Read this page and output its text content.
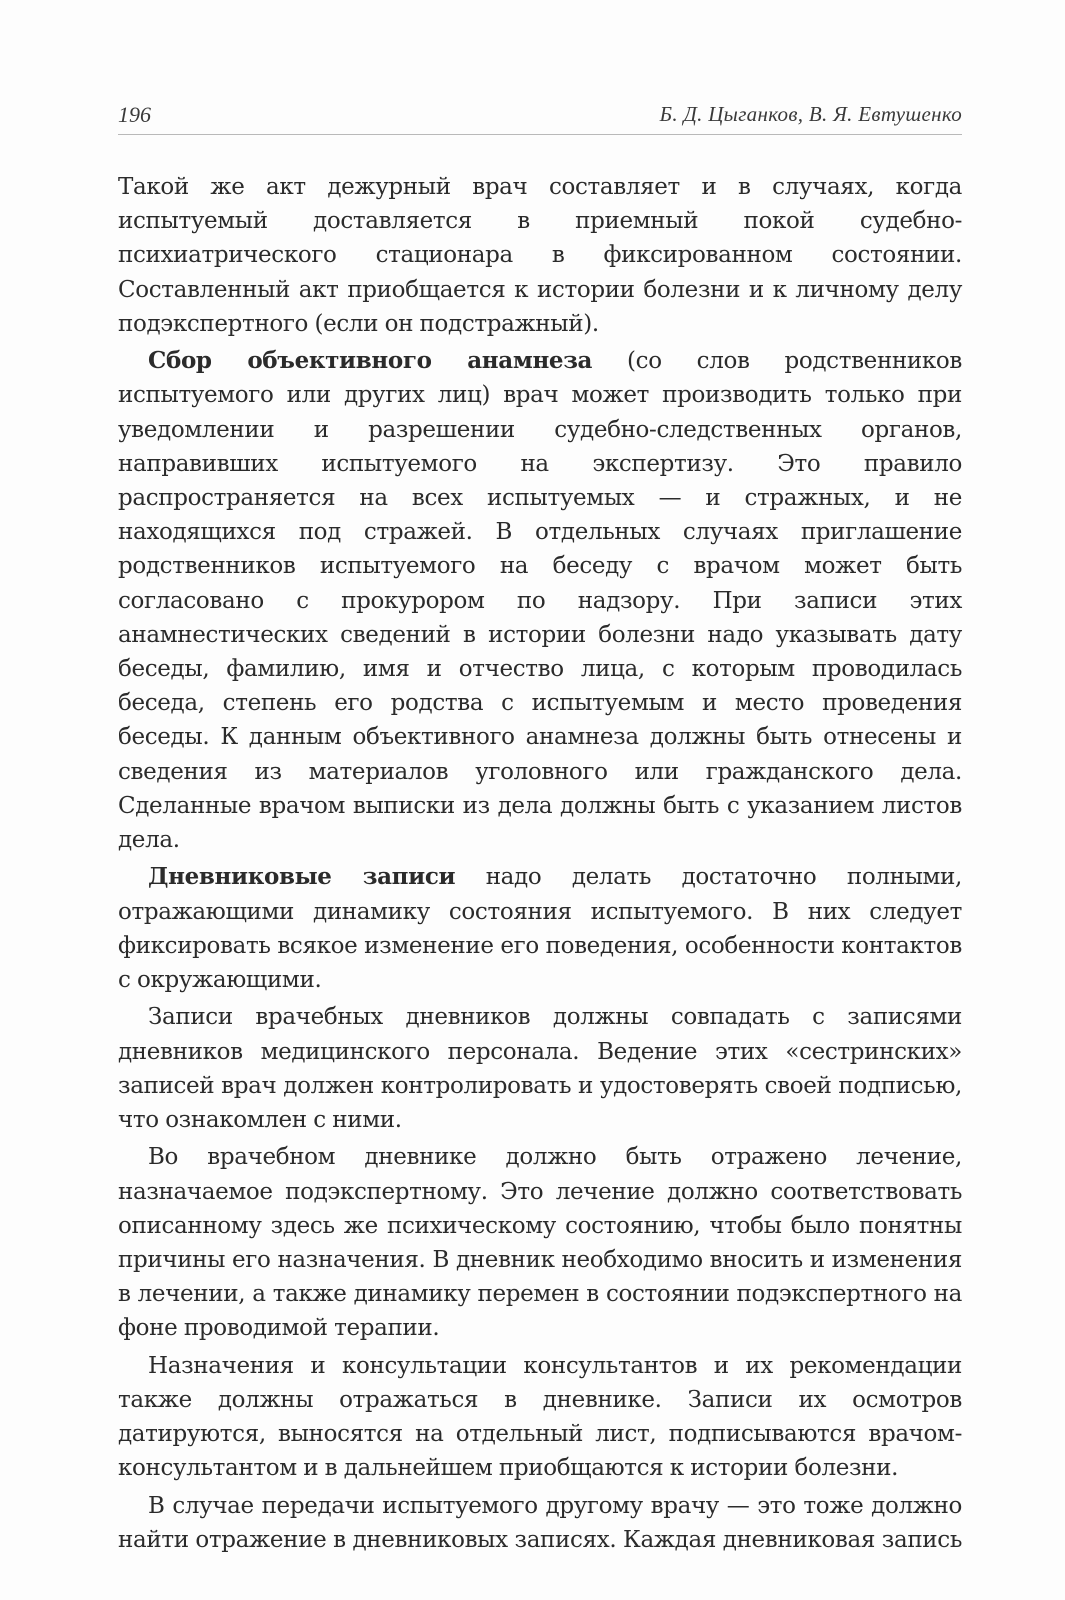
196	Б. Д. Цыганков, В. Я. Евтушенко

Такой же акт дежурный врач составляет и в случаях, когда испытуемый доставляется в приемный покой судебно-психиатрического стационара в фиксированном состоянии. Составленный акт приобщается к истории болезни и к личному делу подэкспертного (если он подстражный).

Сбор объективного анамнеза (со слов родственников испытуемого или других лиц) врач может производить только при уведомлении и разрешении судебно-следственных органов, направивших испытуемого на экспертизу. Это правило распространяется на всех испытуемых — и стражных, и не находящихся под стражей. В отдельных случаях приглашение родственников испытуемого на беседу с врачом может быть согласовано с прокурором по надзору. При записи этих анамнестических сведений в истории болезни надо указывать дату беседы, фамилию, имя и отчество лица, с которым проводилась беседа, степень его родства с испытуемым и место проведения беседы. К данным объективного анамнеза должны быть отнесены и сведения из материалов уголовного или гражданского дела. Сделанные врачом выписки из дела должны быть с указанием листов дела.

Дневниковые записи надо делать достаточно полными, отражающими динамику состояния испытуемого. В них следует фиксировать всякое изменение его поведения, особенности контактов с окружающими.

Записи врачебных дневников должны совпадать с записями дневников медицинского персонала. Ведение этих «сестринских» записей врач должен контролировать и удостоверять своей подписью, что ознакомлен с ними.

Во врачебном дневнике должно быть отражено лечение, назначаемое подэкспертному. Это лечение должно соответствовать описанному здесь же психическому состоянию, чтобы было понятны причины его назначения. В дневник необходимо вносить и изменения в лечении, а также динамику перемен в состоянии подэкспертного на фоне проводимой терапии.

Назначения и консультации консультантов и их рекомендации также должны отражаться в дневнике. Записи их осмотров датируются, выносятся на отдельный лист, подписываются врачом-консультантом и в дальнейшем приобщаются к истории болезни.

В случае передачи испытуемого другому врачу — это тоже должно найти отражение в дневниковых записях. Каждая дневниковая запись
